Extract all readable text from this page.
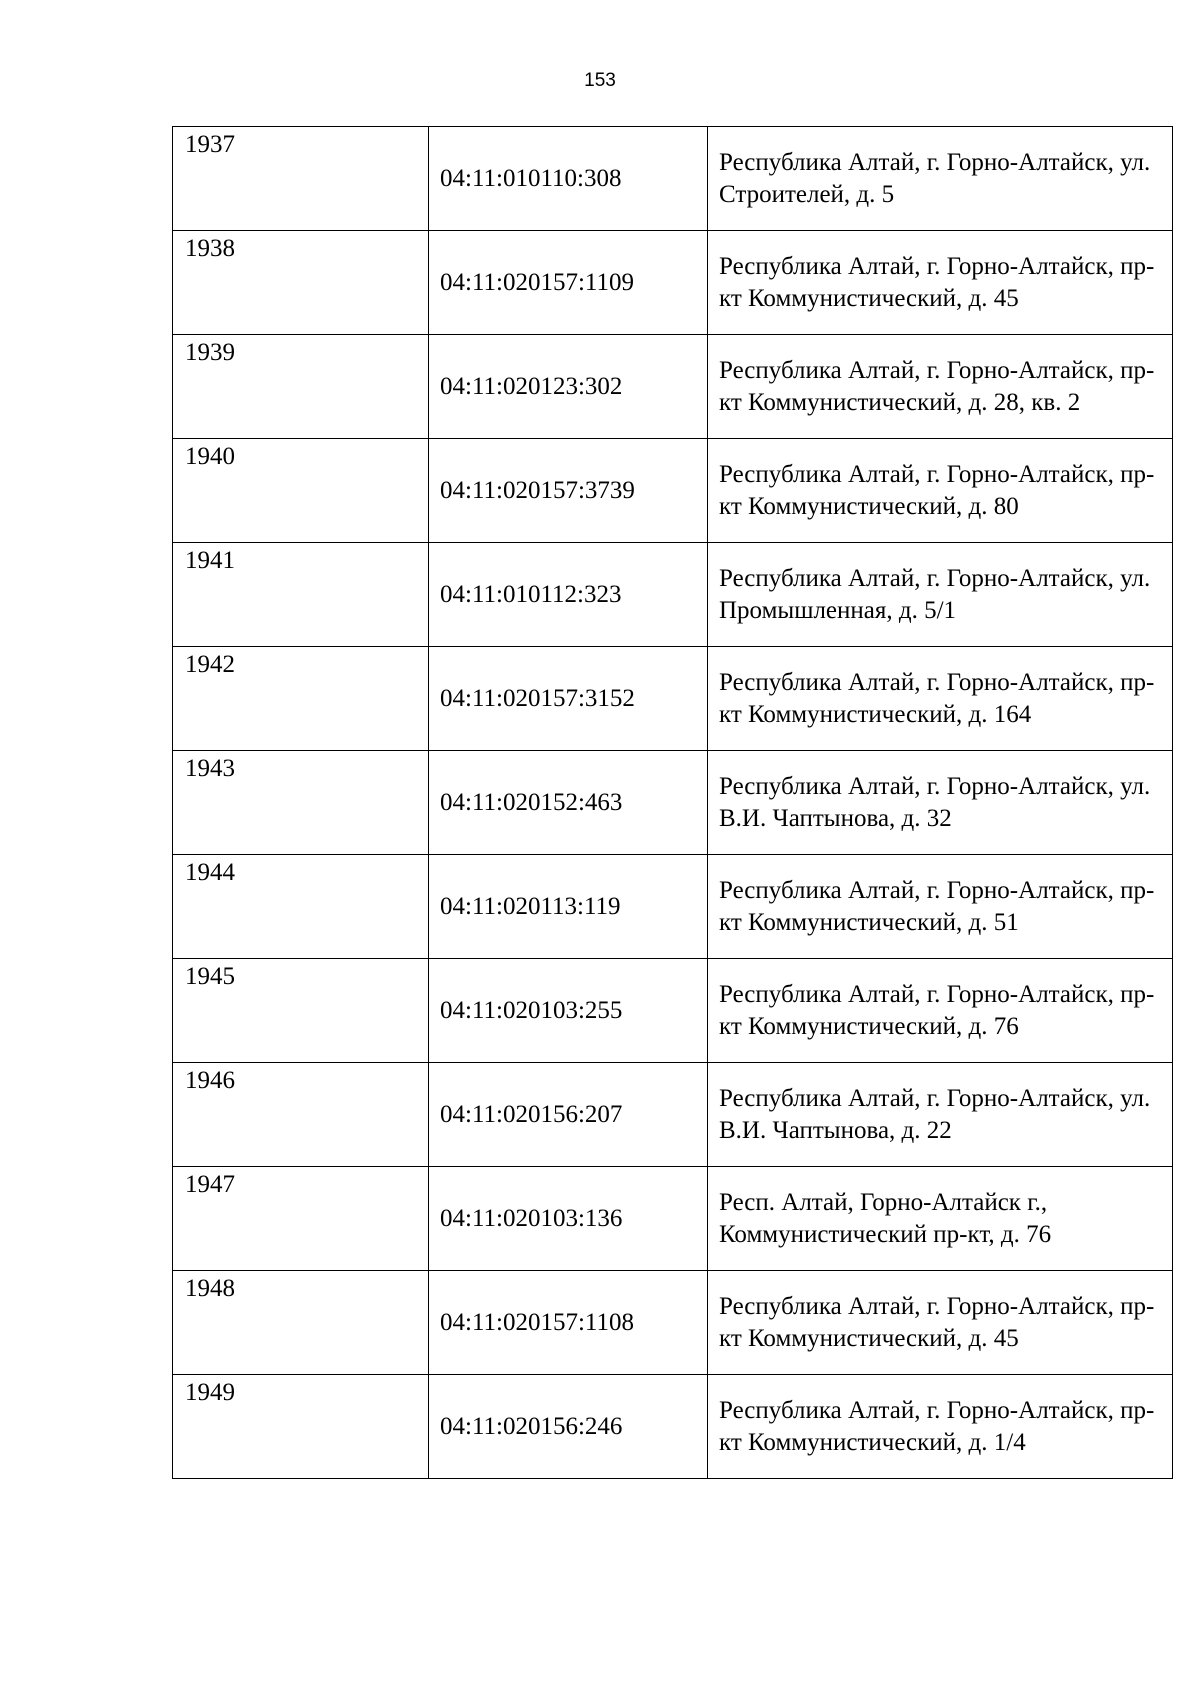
153
1937	04:11:010110:308	Республика Алтай, г. Горно-Алтайск, ул. Строителей, д. 5
1938	04:11:020157:1109	Республика Алтай, г. Горно-Алтайск, пр-кт Коммунистический, д. 45
1939	04:11:020123:302	Республика Алтай, г. Горно-Алтайск, пр-кт Коммунистический, д. 28, кв. 2
1940	04:11:020157:3739	Республика Алтай, г. Горно-Алтайск, пр-кт Коммунистический, д. 80
1941	04:11:010112:323	Республика Алтай, г. Горно-Алтайск, ул. Промышленная, д. 5/1
1942	04:11:020157:3152	Республика Алтай, г. Горно-Алтайск, пр-кт Коммунистический, д. 164
1943	04:11:020152:463	Республика Алтай, г. Горно-Алтайск, ул. В.И. Чаптынова, д. 32
1944	04:11:020113:119	Республика Алтай, г. Горно-Алтайск, пр-кт Коммунистический, д. 51
1945	04:11:020103:255	Республика Алтай, г. Горно-Алтайск, пр-кт Коммунистический, д. 76
1946	04:11:020156:207	Республика Алтай, г. Горно-Алтайск, ул. В.И. Чаптынова, д. 22
1947	04:11:020103:136	Респ. Алтай, Горно-Алтайск г., Коммунистический пр-кт, д. 76
1948	04:11:020157:1108	Республика Алтай, г. Горно-Алтайск, пр-кт Коммунистический, д. 45
1949	04:11:020156:246	Республика Алтай, г. Горно-Алтайск, пр-кт Коммунистический, д. 1/4
